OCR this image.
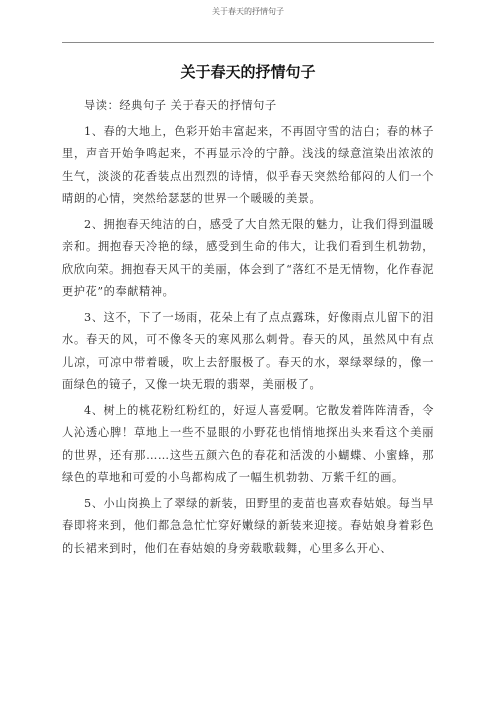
关于春天的抒情句子
关于春天的抒情句子

导读：经典句子 关于春天的抒情句子

1、春的大地上，色彩开始丰富起来，不再固守雪的洁白；春的林子里，声音开始争鸣起来，不再显示冷的宁静。浅浅的绿意渲染出浓浓的生气，淡淡的花香装点出烈烈的诗情，似乎春天突然给郁闷的人们一个晴朗的心情，突然给瑟瑟的世界一个暖暖的美景。

2、拥抱春天纯洁的白，感受了大自然无限的魅力，让我们得到温暖亲和。拥抱春天冷艳的绿，感受到生命的伟大，让我们看到生机勃勃，欣欣向荣。拥抱春天风干的美丽，体会到了“落红不是无情物，化作春泥更护花”的奉献精神。

3、这不，下了一场雨，花朵上有了点点露珠，好像雨点儿留下的泪水。春天的风，可不像冬天的寒风那么刺骨。春天的风，虽然风中有点儿凉，可凉中带着暖，吹上去舒服极了。春天的水，翠绿翠绿的，像一面绿色的镜子，又像一块无瑕的翡翠，美丽极了。

4、树上的桃花粉红粉红的，好逗人喜爱啊。它散发着阵阵清香，令人沁透心脾！草地上一些不显眼的小野花也悄悄地探出头来看这个美丽的世界，还有那……这些五颜六色的春花和活泼的小蝴蝶、小蜜蜂，那绿色的草地和可爱的小鸟都构成了一幅生机勃勃、万紫千红的画。

5、小山岗换上了翠绿的新装，田野里的麦苗也喜欢春姑娘。每当早春即将来到，他们都急急忙忙穿好嫩绿的新装来迎接。春姑娘身着彩色的长裙来到时，他们在春姑娘的身旁载歌载舞，心里多么开心、
